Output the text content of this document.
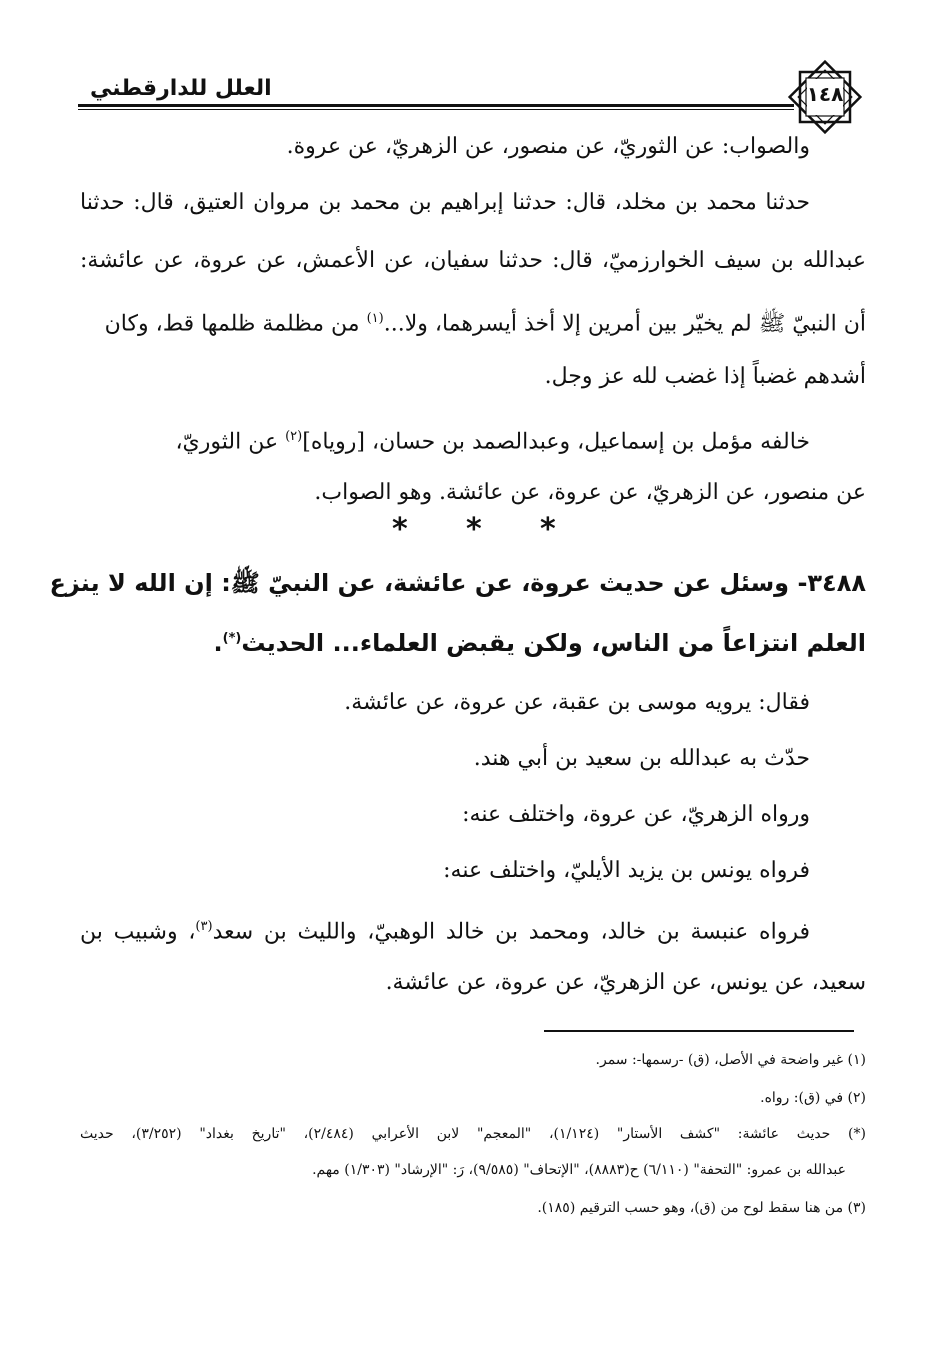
العلل للدارقطني	١٤٨
والصواب: عن الثوريّ، عن منصور، عن الزهريّ، عن عروة.
حدثنا محمد بن مخلد، قال: حدثنا إبراهيم بن محمد بن مروان العتيق، قال: حدثنا
عبدالله بن سيف الخوارزميّ، قال: حدثنا سفيان، عن الأعمش، عن عروة، عن عائشة:
أن النبيّ ﷺ لم يخيّر بين أمرين إلا أخذ أيسرهما، ولا...$^{(١)}$ من مظلمة ظلمها قط، وكان
أشدهم غضباً إذا غضب لله عز وجل.
خالفه مؤمل بن إسماعيل، وعبدالصمد بن حسان، [روياه]$^{(٢)}$ عن الثوريّ،
عن منصور، عن الزهريّ، عن عروة، عن عائشة. وهو الصواب.
* * *
٣٤٨٨- وسئل عن حديث عروة، عن عائشة، عن النبيّ ﷺ: إن الله لا ينزع
العلم انتزاعاً من الناس، ولكن يقبض العلماء... الحديث(*).
فقال: يرويه موسى بن عقبة، عن عروة، عن عائشة.
حدّث به عبدالله بن سعيد بن أبي هند.
ورواه الزهريّ، عن عروة، واختلف عنه:
فرواه يونس بن يزيد الأيليّ، واختلف عنه:
فرواه عنبسة بن خالد، ومحمد بن خالد الوهبيّ، والليث بن سعد$^{(٣)}$، وشبيب بن
سعيد، عن يونس، عن الزهريّ، عن عروة، عن عائشة.
(١) غير واضحة في الأصل، (ق) -رسمها-: سمر.
(٢) في (ق): رواه.
(*) حديث عائشة: "كشف الأستار" (١/١٢٤)، "المعجم" لابن الأعرابي (٢/٤٨٤)، "تاريخ بغداد" (٣/٢٥٢)، حديث
عبدالله بن عمرو: "التحفة" (٦/١١٠) ح(٨٨٨٣)، "الإتحاف" (٩/٥٨٥)، رَ: "الإرشاد" (١/٣٠٣) مهم.
(٣) من هنا سقط لوح من (ق)، وهو حسب الترقيم (١٨٥).
